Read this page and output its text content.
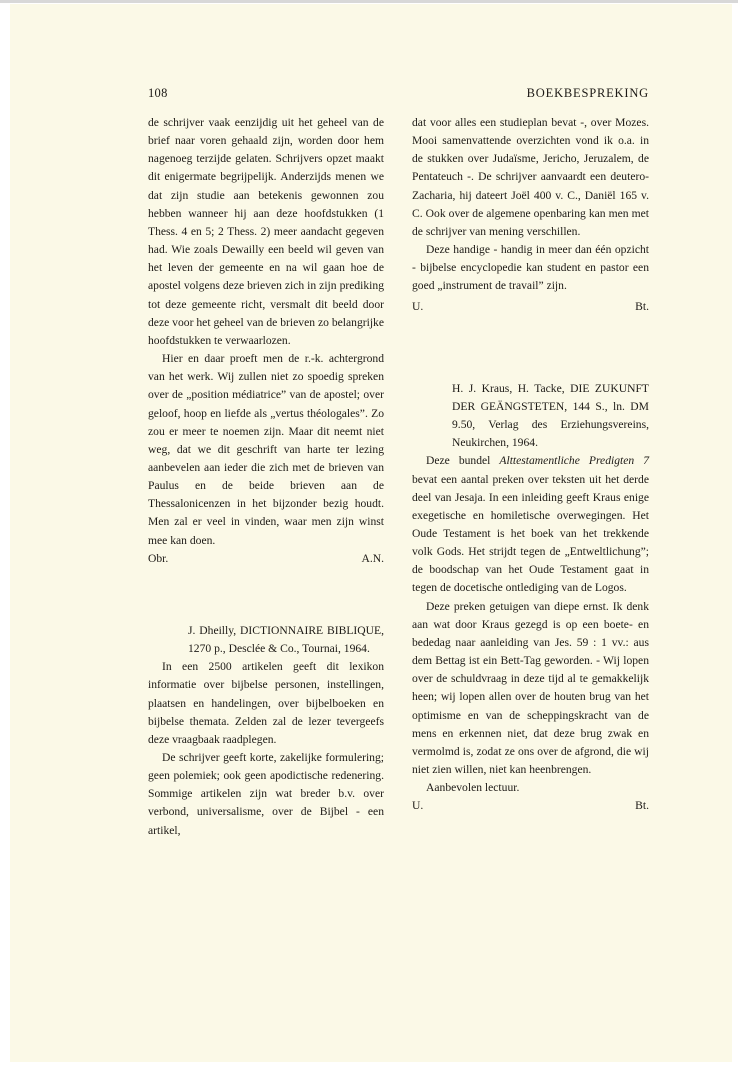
108	BOEKBESPREKING

de schrijver vaak eenzijdig uit het geheel van de brief naar voren gehaald zijn, worden door hem nagenoeg terzijde gelaten. Schrijvers opzet maakt dit enigermate begrijpelijk. Anderzijds menen we dat zijn studie aan betekenis gewonnen zou hebben wanneer hij aan deze hoofdstukken (1 Thess. 4 en 5; 2 Thess. 2) meer aandacht gegeven had. Wie zoals Dewailly een beeld wil geven van het leven der gemeente en na wil gaan hoe de apostel volgens deze brieven zich in zijn prediking tot deze gemeente richt, versmalt dit beeld door deze voor het geheel van de brieven zo belangrijke hoofdstukken te verwaarlozen.

Hier en daar proeft men de r.-k. achtergrond van het werk. Wij zullen niet zo spoedig spreken over de „position médiatrice” van de apostel; over geloof, hoop en liefde als „vertus théologales”. Zo zou er meer te noemen zijn. Maar dit neemt niet weg, dat we dit geschrift van harte ter lezing aanbevelen aan ieder die zich met de brieven van Paulus en de beide brieven aan de Thessalonicenzen in het bijzonder bezig houdt. Men zal er veel in vinden, waar men zijn winst mee kan doen.

Obr.	A.N.

J. Dheilly, DICTIONNAIRE BIBLIQUE, 1270 p., Desclée & Co., Tournai, 1964.

In een 2500 artikelen geeft dit lexikon informatie over bijbelse personen, instellingen, plaatsen en handelingen, over bijbelboeken en bijbelse themata. Zelden zal de lezer tevergeefs deze vraagbaak raadplegen.

De schrijver geeft korte, zakelijke formulering; geen polemiek; ook geen apodictische redenering. Sommige artikelen zijn wat breder b.v. over verbond, universalisme, over de Bijbel - een artikel,

dat voor alles een studieplan bevat -, over Mozes. Mooi samenvattende overzichten vond ik o.a. in de stukken over Judaïsme, Jericho, Jeruzalem, de Pentateuch -. De schrijver aanvaardt een deutero-Zacharia, hij dateert Joël 400 v. C., Daniël 165 v. C. Ook over de algemene openbaring kan men met de schrijver van mening verschillen.

Deze handige - handig in meer dan één opzicht - bijbelse encyclopedie kan student en pastor een goed „instrument de travail” zijn.

U.	Bt.

H. J. Kraus, H. Tacke, DIE ZUKUNFT DER GEÄNGSTETEN, 144 S., ln. DM 9.50, Verlag des Erziehungsvereins, Neukirchen, 1964.

Deze bundel Alttestamentliche Predigten 7 bevat een aantal preken over teksten uit het derde deel van Jesaja. In een inleiding geeft Kraus enige exegetische en homiletische overwegingen. Het Oude Testament is het boek van het trekkende volk Gods. Het strijdt tegen de „Entweltlichung”; de boodschap van het Oude Testament gaat in tegen de docetische ontlediging van de Logos.

Deze preken getuigen van diepe ernst. Ik denk aan wat door Kraus gezegd is op een boete- en bededag naar aanleiding van Jes. 59 : 1 vv.: aus dem Bettag ist ein Bett-Tag geworden. - Wij lopen over de schuldvraag in deze tijd al te gemakkelijk heen; wij lopen allen over de houten brug van het optimisme en van de scheppingskracht van de mens en erkennen niet, dat deze brug zwak en vermolmd is, zodat ze ons over de afgrond, die wij niet zien willen, niet kan heenbrengen.

Aanbevolen lectuur.

U.	Bt.
